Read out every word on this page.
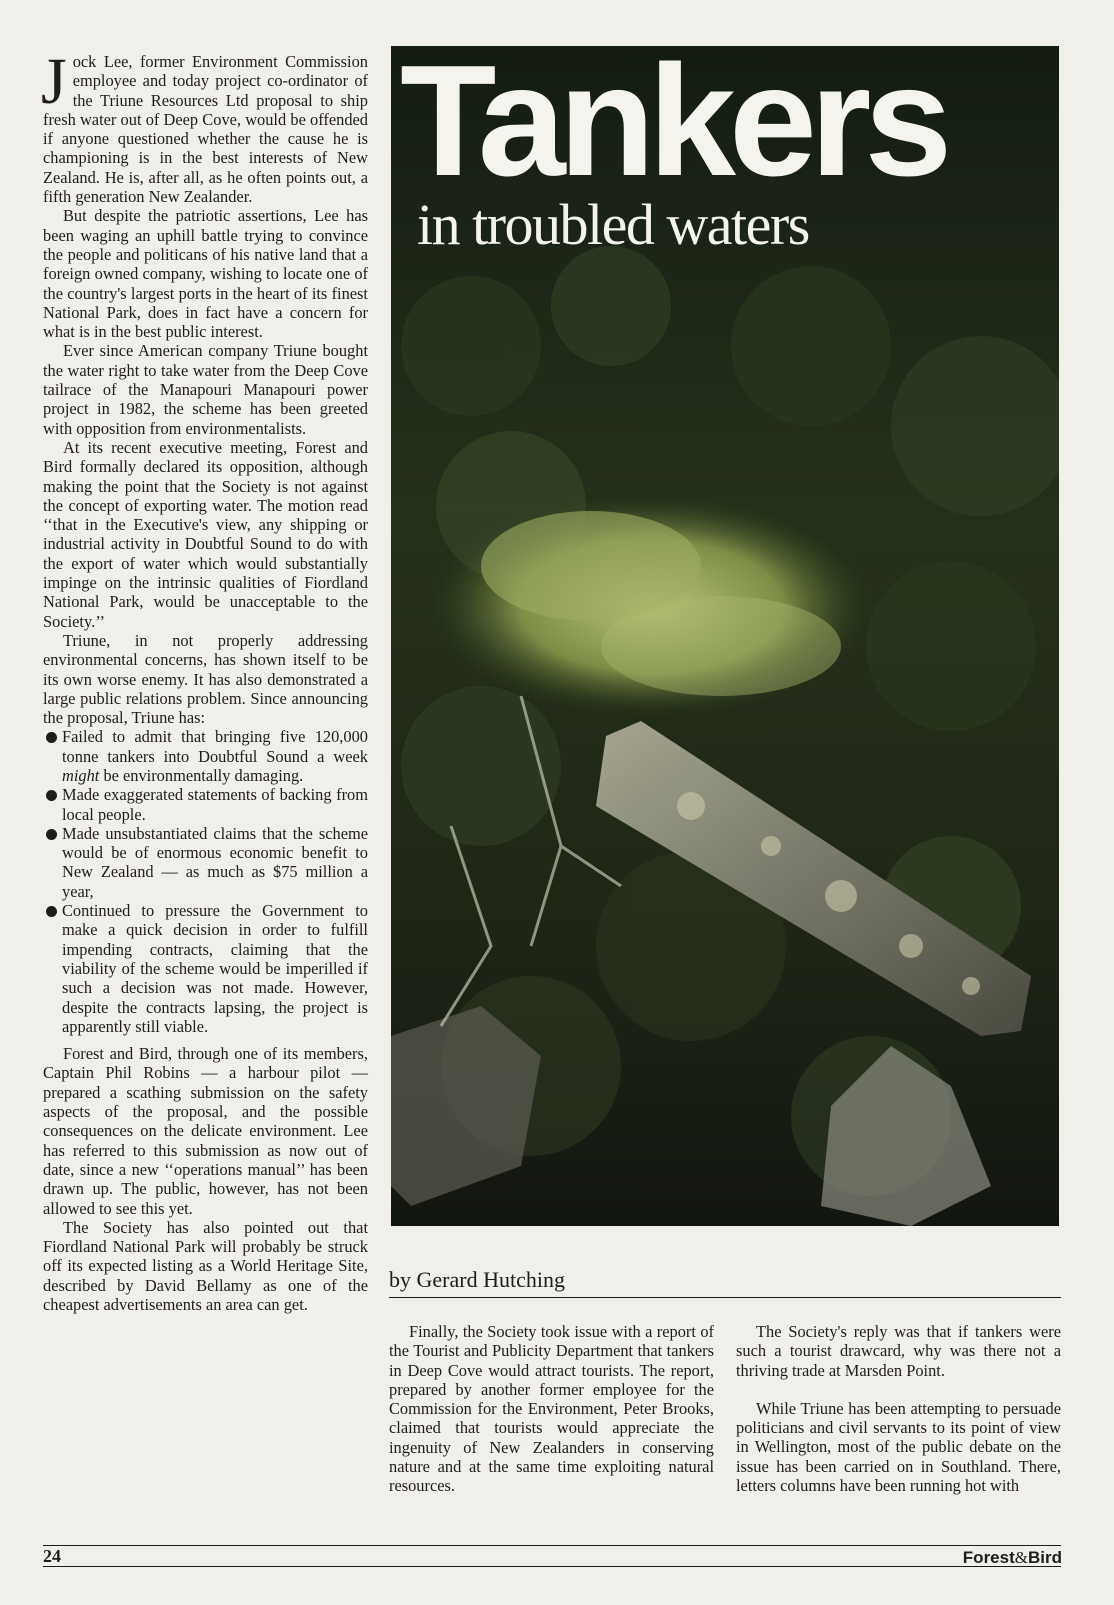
Tankers
in troubled waters

Jock Lee, former Environment Commission employee and today project co-ordinator of the Triune Resources Ltd proposal to ship fresh water out of Deep Cove, would be offended if anyone questioned whether the cause he is championing is in the best interests of New Zealand. He is, after all, as he often points out, a fifth generation New Zealander.

But despite the patriotic assertions, Lee has been waging an uphill battle trying to convince the people and politicans of his native land that a foreign owned company, wishing to locate one of the country's largest ports in the heart of its finest National Park, does in fact have a concern for what is in the best public interest.

Ever since American company Triune bought the water right to take water from the Deep Cove tailrace of the Manapouri Manapouri power project in 1982, the scheme has been greeted with opposition from environmentalists.

At its recent executive meeting, Forest and Bird formally declared its opposition, although making the point that the Society is not against the concept of exporting water. The motion read ‘‘that in the Executive's view, any shipping or industrial activity in Doubtful Sound to do with the export of water which would substantially impinge on the intrinsic qualities of Fiordland National Park, would be unacceptable to the Society.’’

Triune, in not properly addressing environmental concerns, has shown itself to be its own worse enemy. It has also demonstrated a large public relations problem. Since announcing the proposal, Triune has:

Failed to admit that bringing five 120,000 tonne tankers into Doubtful Sound a week might be environmentally damaging.
Made exaggerated statements of backing from local people.
Made unsubstantiated claims that the scheme would be of enormous economic benefit to New Zealand — as much as $75 million a year,
Continued to pressure the Government to make a quick decision in order to fulfill impending contracts, claiming that the viability of the scheme would be imperilled if such a decision was not made. However, despite the contracts lapsing, the project is apparently still viable.

Forest and Bird, through one of its members, Captain Phil Robins — a harbour pilot — prepared a scathing submission on the safety aspects of the proposal, and the possible consequences on the delicate environment. Lee has referred to this submission as now out of date, since a new ‘‘operations manual’’ has been drawn up. The public, however, has not been allowed to see this yet.

The Society has also pointed out that Fiordland National Park will probably be struck off its expected listing as a World Heritage Site, described by David Bellamy as one of the cheapest advertisements an area can get.

by Gerard Hutching

Finally, the Society took issue with a report of the Tourist and Publicity Department that tankers in Deep Cove would attract tourists. The report, prepared by another former employee for the Commission for the Environment, Peter Brooks, claimed that tourists would appreciate the ingenuity of New Zealanders in conserving nature and at the same time exploiting natural resources.

The Society's reply was that if tankers were such a tourist drawcard, why was there not a thriving trade at Marsden Point.

While Triune has been attempting to persuade politicians and civil servants to its point of view in Wellington, most of the public debate on the issue has been carried on in Southland. There, letters columns have been running hot with

24	Forest&Bird
